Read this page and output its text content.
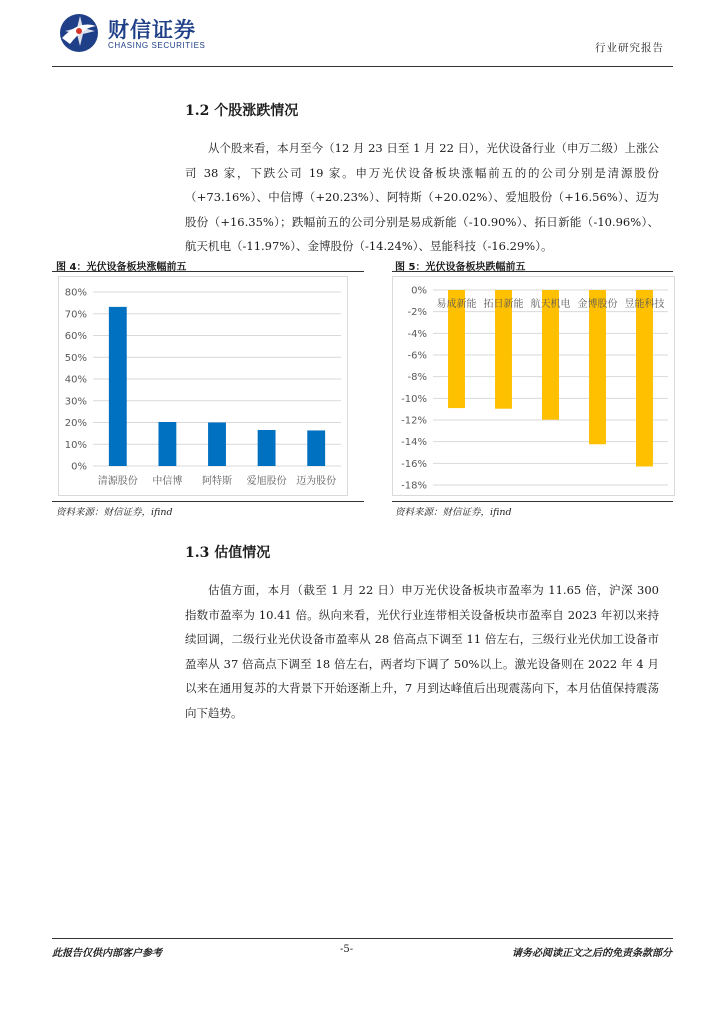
财信证券
CHASING SECURITIES	行业研究报告
1.2 个股涨跌情况

从个股来看，本月至今（12 月 23 日至 1 月 22 日），光伏设备行业（申万二级）上涨公司 38 家，下跌公司 19 家。申万光伏设备板块涨幅前五的的公司分别是清源股份（+73.16%）、中信博（+20.23%）、阿特斯（+20.02%）、爱旭股份（+16.56%）、迈为股份（+16.35%）；跌幅前五的公司分别是易成新能（-10.90%）、拓日新能（-10.96%）、航天机电（-11.97%）、金博股份（-14.24%）、昱能科技（-16.29%）。

图 4：光伏设备板块涨幅前五
0%
10%
20%
30%
40%
50%
60%
70%
80%
清源股份 中信博 阿特斯 爱旭股份 迈为股份
资料来源：财信证券，ifind
图 5：光伏设备板块跌幅前五
0%
-2%
-4%
-6%
-8%
-10%
-12%
-14%
-16%
-18%
易成新能 拓日新能 航天机电 金博股份 昱能科技
资料来源：财信证券，ifind
1.3 估值情况

估值方面，本月（截至 1 月 22 日）申万光伏设备板块市盈率为 11.65 倍，沪深 300 指数市盈率为 10.41 倍。纵向来看，光伏行业连带相关设备板块市盈率自 2023 年初以来持续回调，二级行业光伏设备市盈率从 28 倍高点下调至 11 倍左右，三级行业光伏加工设备市盈率从 37 倍高点下调至 18 倍左右，两者均下调了 50%以上。激光设备则在 2022 年 4 月以来在通用复苏的大背景下开始逐渐上升，7 月到达峰值后出现震荡向下，本月估值保持震荡向下趋势。

此报告仅供内部客户参考	-5-	请务必阅读正文之后的免责条款部分
